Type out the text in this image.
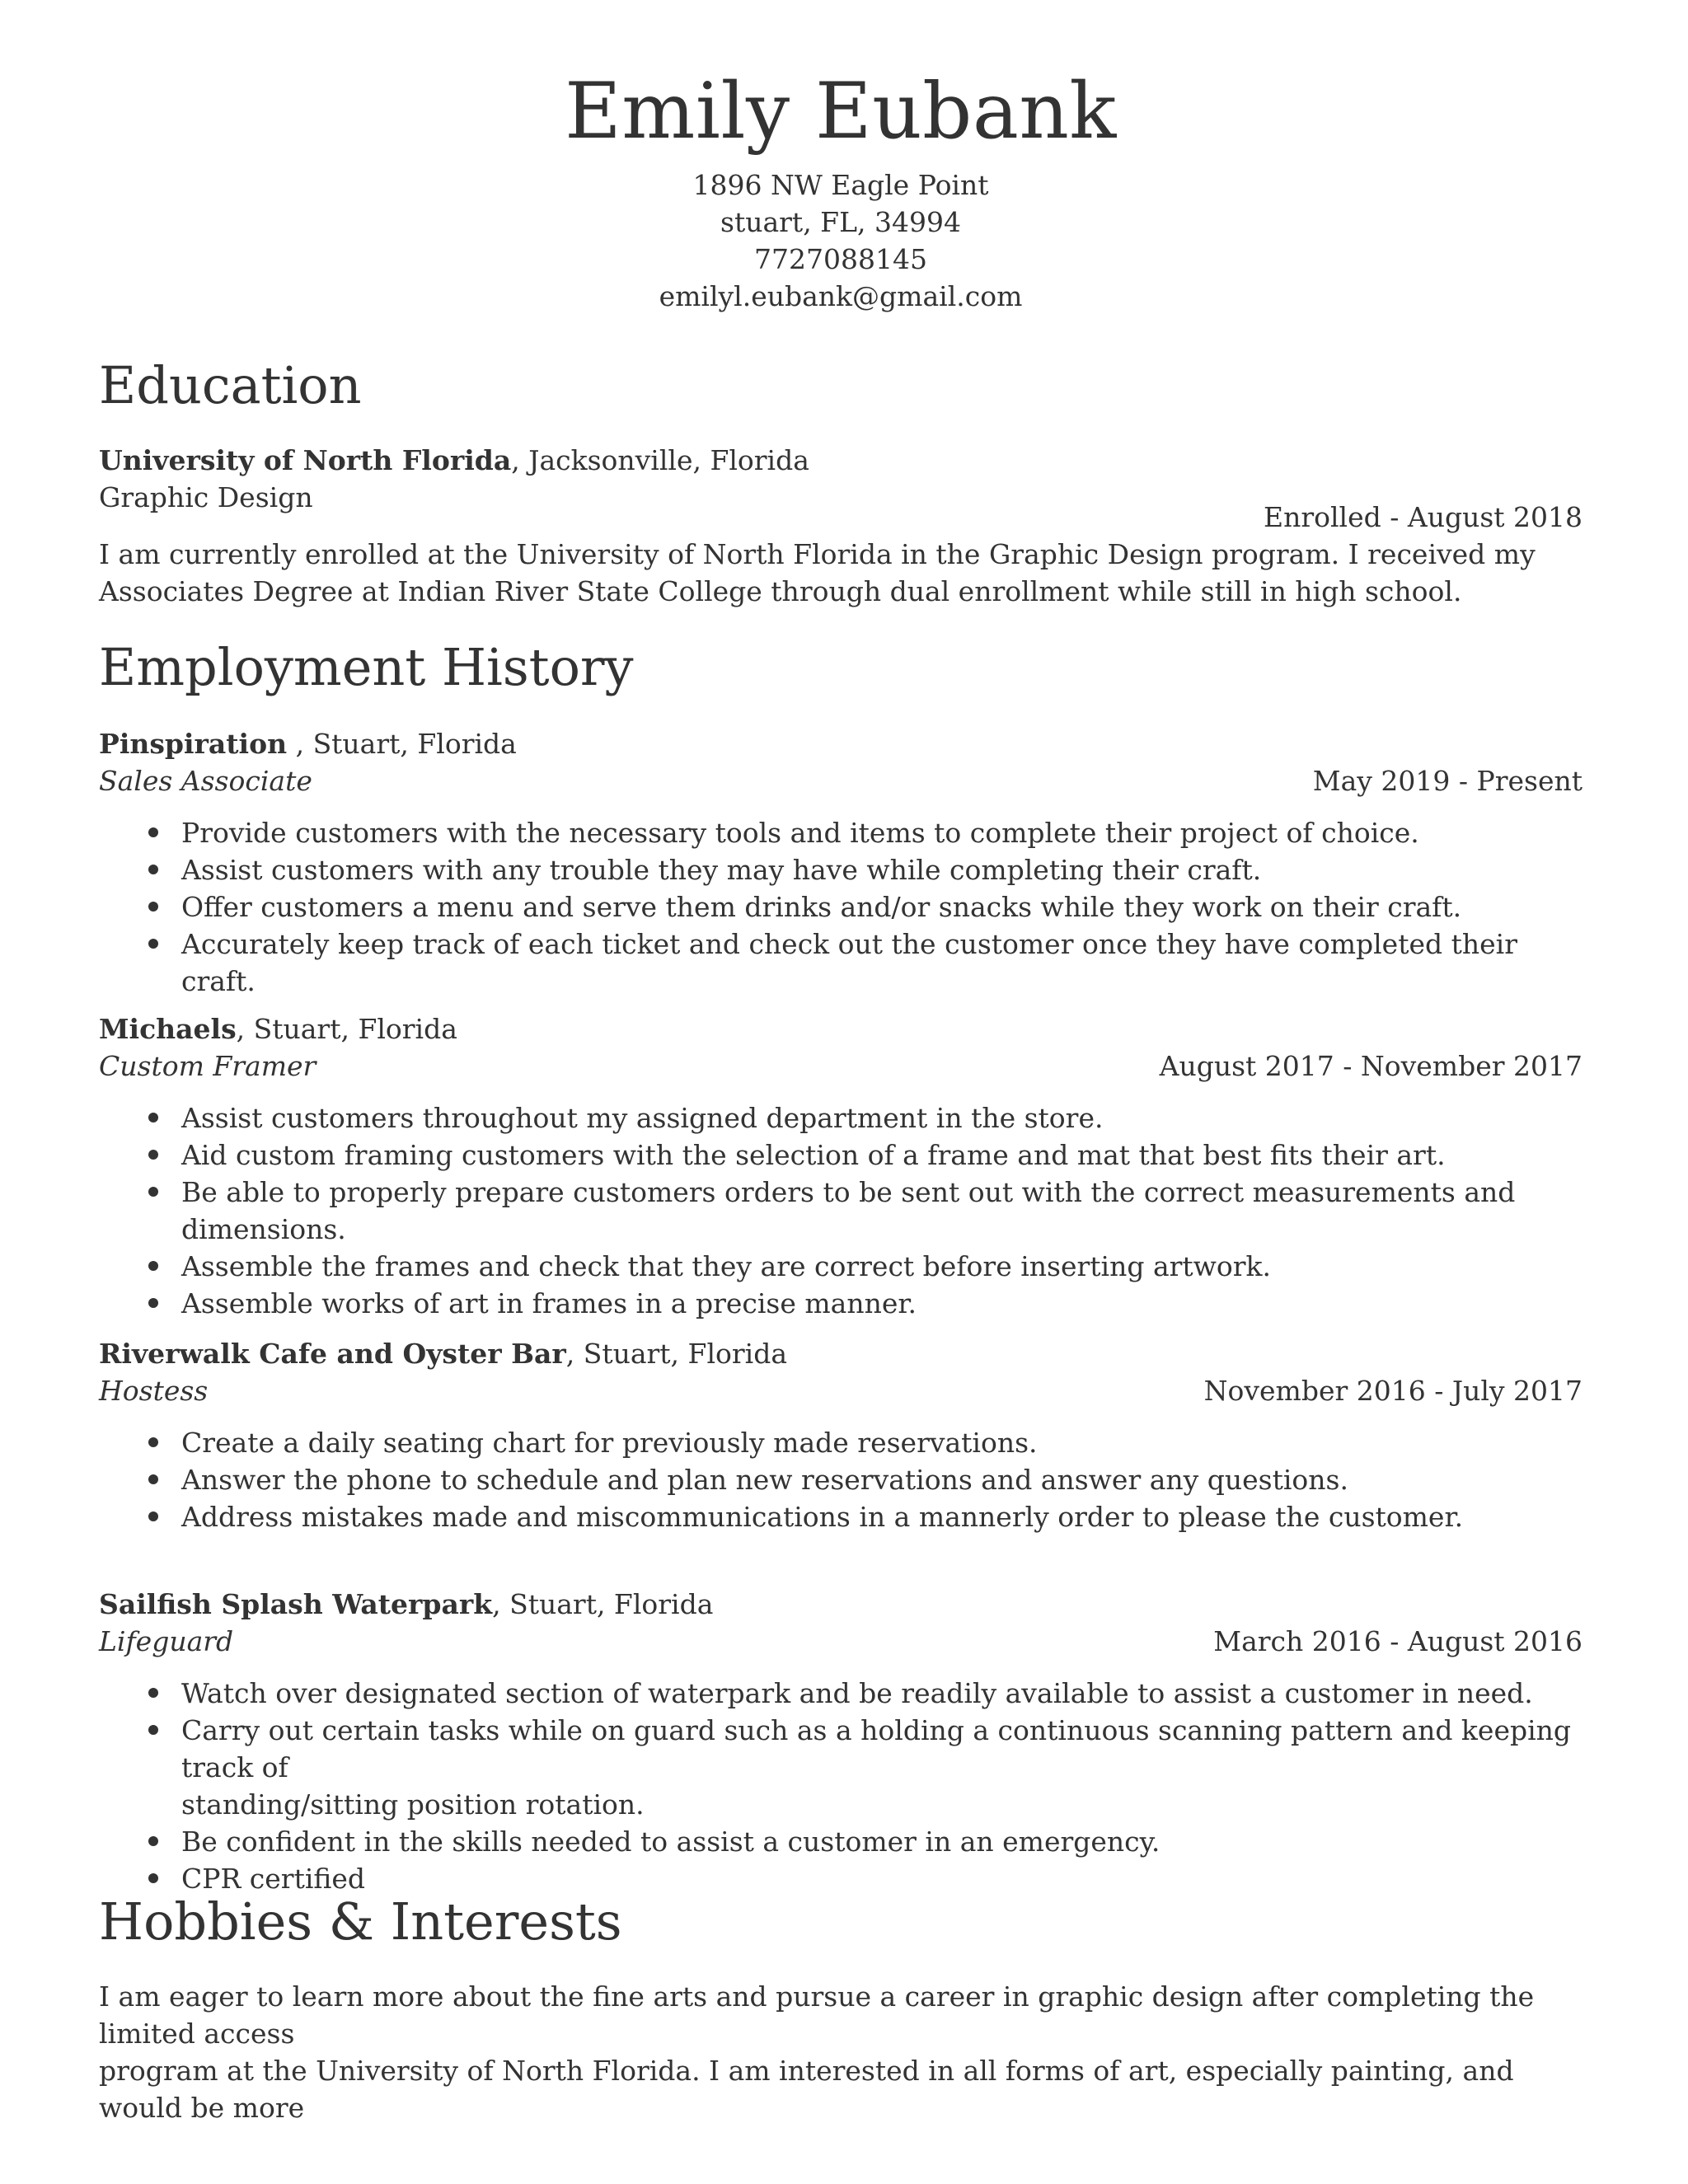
Emily Eubank
1896 NW Eagle Point
stuart, FL, 34994
7727088145
emilyl.eubank@gmail.com
Education
University of North Florida, Jacksonville, Florida
Graphic Design
Enrolled - August 2018
I am currently enrolled at the University of North Florida in the Graphic Design program. I received my
Associates Degree at Indian River State College through dual enrollment while still in high school.
Employment History
Pinspiration , Stuart, Florida
Sales Associate	May 2019 - Present
Provide customers with the necessary tools and items to complete their project of choice.
Assist customers with any trouble they may have while completing their craft.
Offer customers a menu and serve them drinks and/or snacks while they work on their craft.
Accurately keep track of each ticket and check out the customer once they have completed their craft.
Michaels, Stuart, Florida
Custom Framer	August 2017 - November 2017
Assist customers throughout my assigned department in the store.
Aid custom framing customers with the selection of a frame and mat that best fits their art.
Be able to properly prepare customers orders to be sent out with the correct measurements and dimensions.
Assemble the frames and check that they are correct before inserting artwork.
Assemble works of art in frames in a precise manner.
Riverwalk Cafe and Oyster Bar, Stuart, Florida
Hostess	November 2016 - July 2017
Create a daily seating chart for previously made reservations.
Answer the phone to schedule and plan new reservations and answer any questions.
Address mistakes made and miscommunications in a mannerly order to please the customer.
Sailfish Splash Waterpark, Stuart, Florida
Lifeguard	March 2016 - August 2016
Watch over designated section of waterpark and be readily available to assist a customer in need.
Carry out certain tasks while on guard such as a holding a continuous scanning pattern and keeping track of
standing/sitting position rotation.
Be confident in the skills needed to assist a customer in an emergency.
CPR certified
Hobbies & Interests
I am eager to learn more about the fine arts and pursue a career in graphic design after completing the limited access
program at the University of North Florida. I am interested in all forms of art, especially painting, and would be more
